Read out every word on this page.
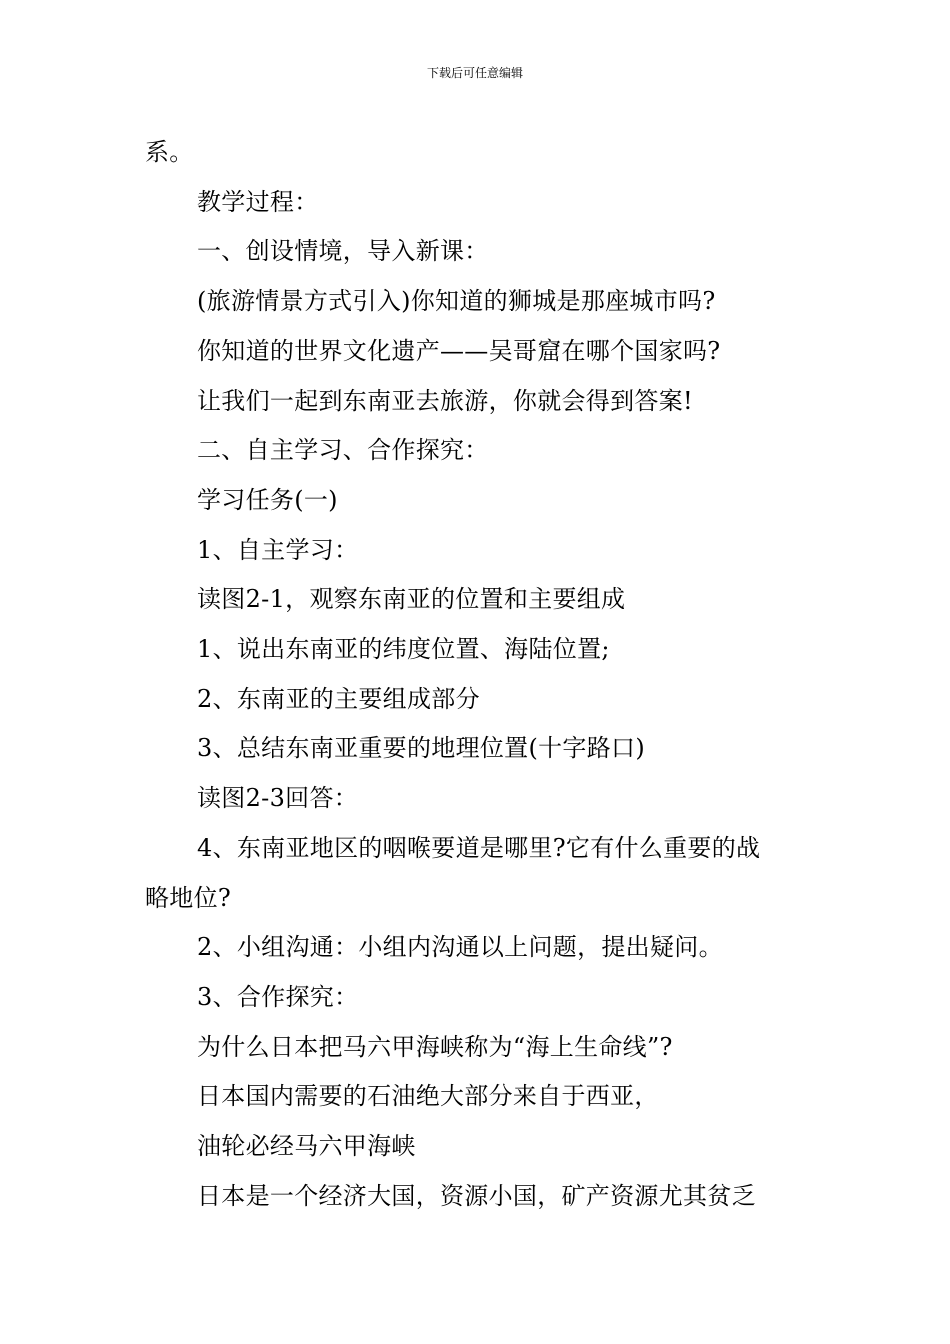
下载后可任意编辑
系。
教学过程：
一、创设情境，导入新课：
(旅游情景方式引入)你知道的狮城是那座城市吗?
你知道的世界文化遗产——吴哥窟在哪个国家吗?
让我们一起到东南亚去旅游，你就会得到答案!
二、自主学习、合作探究：
学习任务(一)
1、自主学习：
读图2-1，观察东南亚的位置和主要组成
1、说出东南亚的纬度位置、海陆位置;
2、东南亚的主要组成部分
3、总结东南亚重要的地理位置(十字路口)
读图2-3回答：
4、东南亚地区的咽喉要道是哪里?它有什么重要的战
略地位?
2、小组沟通：小组内沟通以上问题，提出疑问。
3、合作探究：
为什么日本把马六甲海峡称为“海上生命线”?
日本国内需要的石油绝大部分来自于西亚，
油轮必经马六甲海峡
日本是一个经济大国，资源小国，矿产资源尤其贫乏
